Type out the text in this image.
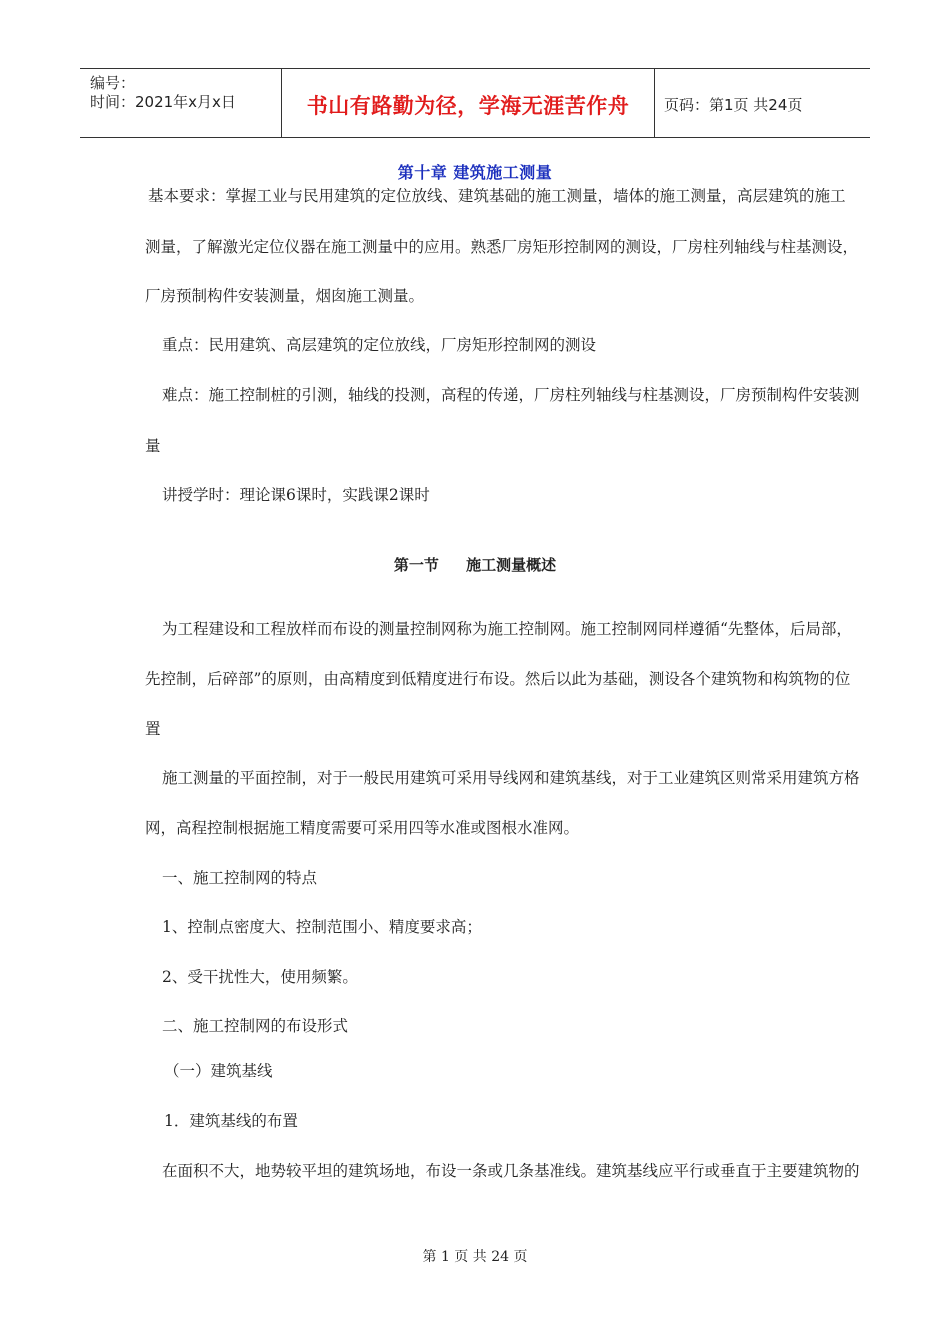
编号：
时间：2021年x月x日	书山有路勤为径，学海无涯苦作舟 页码：第1页 共24页
第十章 建筑施工测量
基本要求：掌握工业与民用建筑的定位放线、建筑基础的施工测量，墙体的施工测量，高层建筑的施工
测量，了解激光定位仪器在施工测量中的应用。熟悉厂房矩形控制网的测设，厂房柱列轴线与柱基测设，
厂房预制构件安装测量，烟囱施工测量。
重点：民用建筑、高层建筑的定位放线，厂房矩形控制网的测设
难点：施工控制桩的引测，轴线的投测，高程的传递，厂房柱列轴线与柱基测设，厂房预制构件安装测
量
讲授学时：理论课6课时，实践课2课时
第一节 施工测量概述
为工程建设和工程放样而布设的测量控制网称为施工控制网。施工控制网同样遵循“先整体，后局部，
先控制，后碎部”的原则，由高精度到低精度进行布设。然后以此为基础，测设各个建筑物和构筑物的位
置
施工测量的平面控制，对于一般民用建筑可采用导线网和建筑基线，对于工业建筑区则常采用建筑方格
网，高程控制根据施工精度需要可采用四等水准或图根水准网。
一、施工控制网的特点
1、控制点密度大、控制范围小、精度要求高；
2、受干扰性大，使用频繁。
二、施工控制网的布设形式
（一）建筑基线
1．建筑基线的布置
在面积不大，地势较平坦的建筑场地，布设一条或几条基准线。建筑基线应平行或垂直于主要建筑物的
第 1 页 共 24 页
